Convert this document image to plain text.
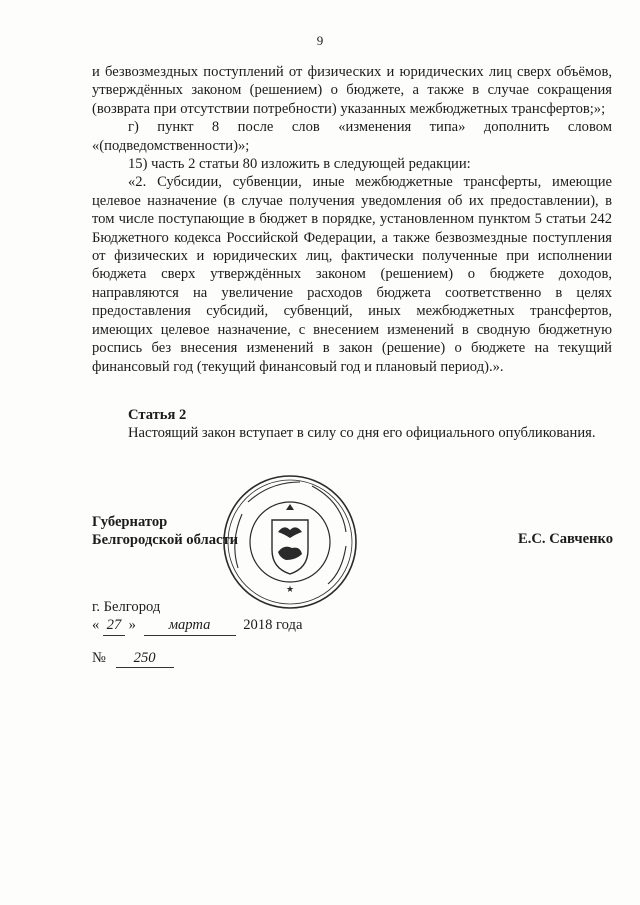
9

и безвозмездных поступлений от физических и юридических лиц сверх объёмов, утверждённых законом (решением) о бюджете, а также в случае сокращения (возврата при отсутствии потребности) указанных межбюджетных трансфертов;»;

г) пункт 8 после слов «изменения типа» дополнить словом «(подведомственности)»;

15) часть 2 статьи 80 изложить в следующей редакции:

«2. Субсидии, субвенции, иные межбюджетные трансферты, имеющие целевое назначение (в случае получения уведомления об их предоставлении), в том числе поступающие в бюджет в порядке, установленном пунктом 5 статьи 242 Бюджетного кодекса Российской Федерации, а также безвозмездные поступления от физических и юридических лиц, фактически полученные при исполнении бюджета сверх утверждённых законом (решением) о бюджете доходов, направляются на увеличение расходов бюджета соответственно в целях предоставления субсидий, субвенций, иных межбюджетных трансфертов, имеющих целевое назначение, с внесением изменений в сводную бюджетную роспись без внесения изменений в закон (решение) о бюджете на текущий финансовый год (текущий финансовый год и плановый период).».

Статья 2

Настоящий закон вступает в силу со дня его официального опубликования.

★
Губернатор
Белгородской области	Е.С. Савченко
г. Белгород
« 27 » марта 2018 года
№ 250
